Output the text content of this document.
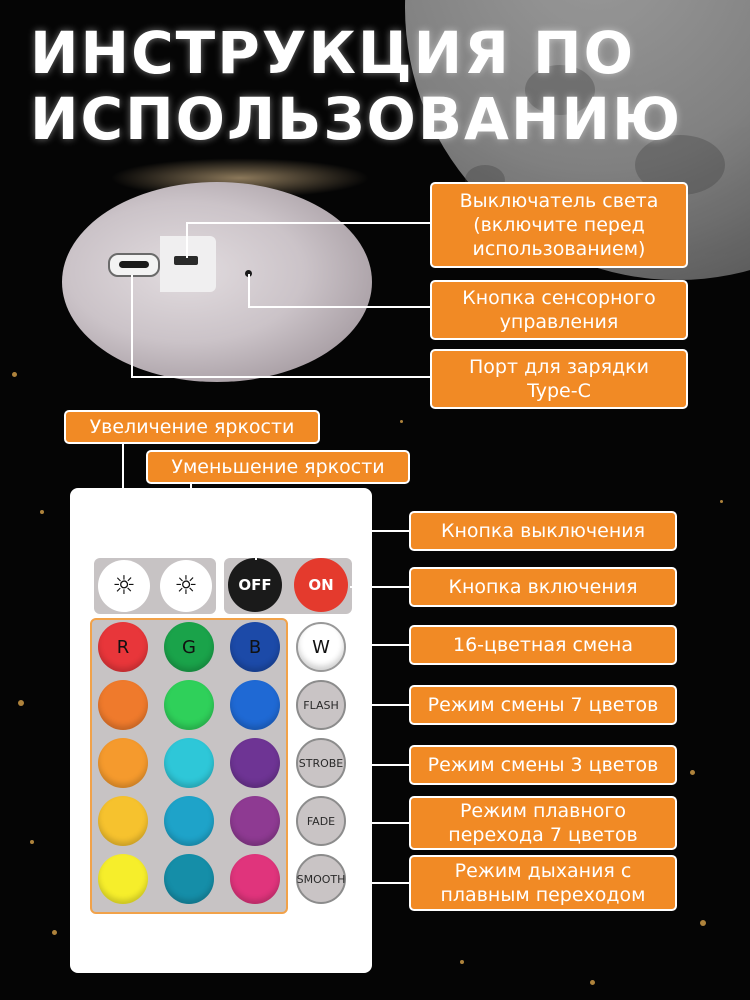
ИНСТРУКЦИЯ ПО
ИСПОЛЬЗОВАНИЮ
Выключатель света
(включите перед
использованием)
Кнопка сенсорного
управления
Порт для зарядки
Type-C
Увеличение яркости
Уменьшение яркости
☼ ☼	OFF ON
R	G	B	W
FLASH
STROBE
FADE
SMOOTH
Кнопка выключения
Кнопка включения
16-цветная смена
Режим смены 7 цветов
Режим смены 3 цветов
Режим плавного
перехода 7 цветов
Режим дыхания с
плавным переходом
